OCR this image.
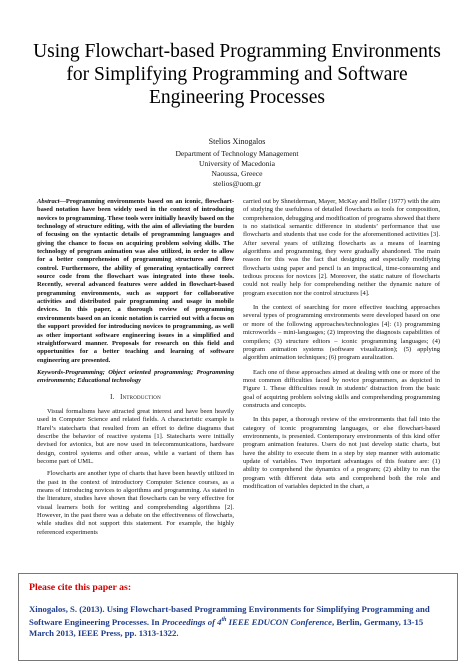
Using Flowchart-based Programming Environments
for Simplifying Programming and Software
Engineering Processes
Stelios Xinogalos
Department of Technology Management
University of Macedonia
Naoussa, Greece
stelios@uom.gr
Abstract—Programming environments based on an iconic, flowchart-based notation have been widely used in the context of introducing novices to programming. These tools were initially heavily based on the technology of structure editing, with the aim of alleviating the burden of focusing on the syntactic details of programming languages and giving the chance to focus on acquiring problem solving skills. The technology of program animation was also utilized, in order to allow for a better comprehension of programming structures and flow control. Furthermore, the ability of generating syntactically correct source code from the flowchart was integrated into these tools. Recently, several advanced features were added in flowchart-based programming environments, such as support for collaborative activities and distributed pair programming and usage in mobile devices. In this paper, a thorough review of programming environments based on an iconic notation is carried out with a focus on the support provided for introducing novices to programming, as well as other important software engineering issues in a simplified and straightforward manner. Proposals for research on this field and opportunities for a better teaching and learning of software engineering are presented.
Keywords-Programming; Object oriented programming; Programming environments; Educational technology
I. Introduction

Visual formalisms have attracted great interest and have been heavily used in Computer Science and related fields. A characteristic example is Harel’s statecharts that resulted from an effort to define diagrams that describe the behavior of reactive systems [1]. Statecharts were initially devised for avionics, but are now used in telecommunications, hardware design, control systems and other areas, while a variant of them has become part of UML.

Flowcharts are another type of charts that have been heavily utilized in the past in the context of introductory Computer Science courses, as a means of introducing novices to algorithms and programming. As stated in the literature, studies have shown that flowcharts can be very effective for visual learners both for writing and comprehending algorithms [2]. However, in the past there was a debate on the effectiveness of flowcharts, while studies did not support this statement. For example, the highly referenced experiments

carried out by Shneiderman, Mayer, McKay and Heller (1977) with the aim of studying the usefulness of detailed flowcharts as tools for composition, comprehension, debugging and modification of programs showed that there is no statistical semantic difference in students’ performance that use flowcharts and students that use code for the aforementioned activities [3]. After several years of utilizing flowcharts as a means of learning algorithms and programming, they were gradually abandoned. The main reason for this was the fact that designing and especially modifying flowcharts using paper and pencil is an impractical, time-consuming and tedious process for novices [2]. Moreover, the static nature of flowcharts could not really help for comprehending neither the dynamic nature of program execution nor the control structures [4].

In the context of searching for more effective teaching approaches several types of programming environments were developed based on one or more of the following approaches/technologies [4]: (1) programming microworlds – mini-languages; (2) improving the diagnosis capabilities of compilers; (3) structure editors – iconic programming languages; (4) program animation systems (software visualization); (5) applying algorithm animation techniques; (6) program auralization.

Each one of these approaches aimed at dealing with one or more of the most common difficulties faced by novice programmers, as depicted in Figure 1. These difficulties result in students’ distraction from the basic goal of acquiring problem solving skills and comprehending programming constructs and concepts.

In this paper, a thorough review of the environments that fall into the category of iconic programming languages, or else flowchart-based environments, is presented. Contemporary environments of this kind offer program animation features. Users do not just develop static charts, but have the ability to execute them in a step by step manner with automatic update of variables. Two important advantages of this feature are: (1) ability to comprehend the dynamics of a program; (2) ability to run the program with different data sets and comprehend both the role and modification of variables depicted in the chart, a

Please cite this paper as:
Xinogalos, S. (2013). Using Flowchart-based Programming Environments for Simplifying Programming and Software Engineering Processes. In Proceedings of 4th IEEE EDUCON Conference, Berlin, Germany, 13-15 March 2013, IEEE Press, pp. 1313-1322.
